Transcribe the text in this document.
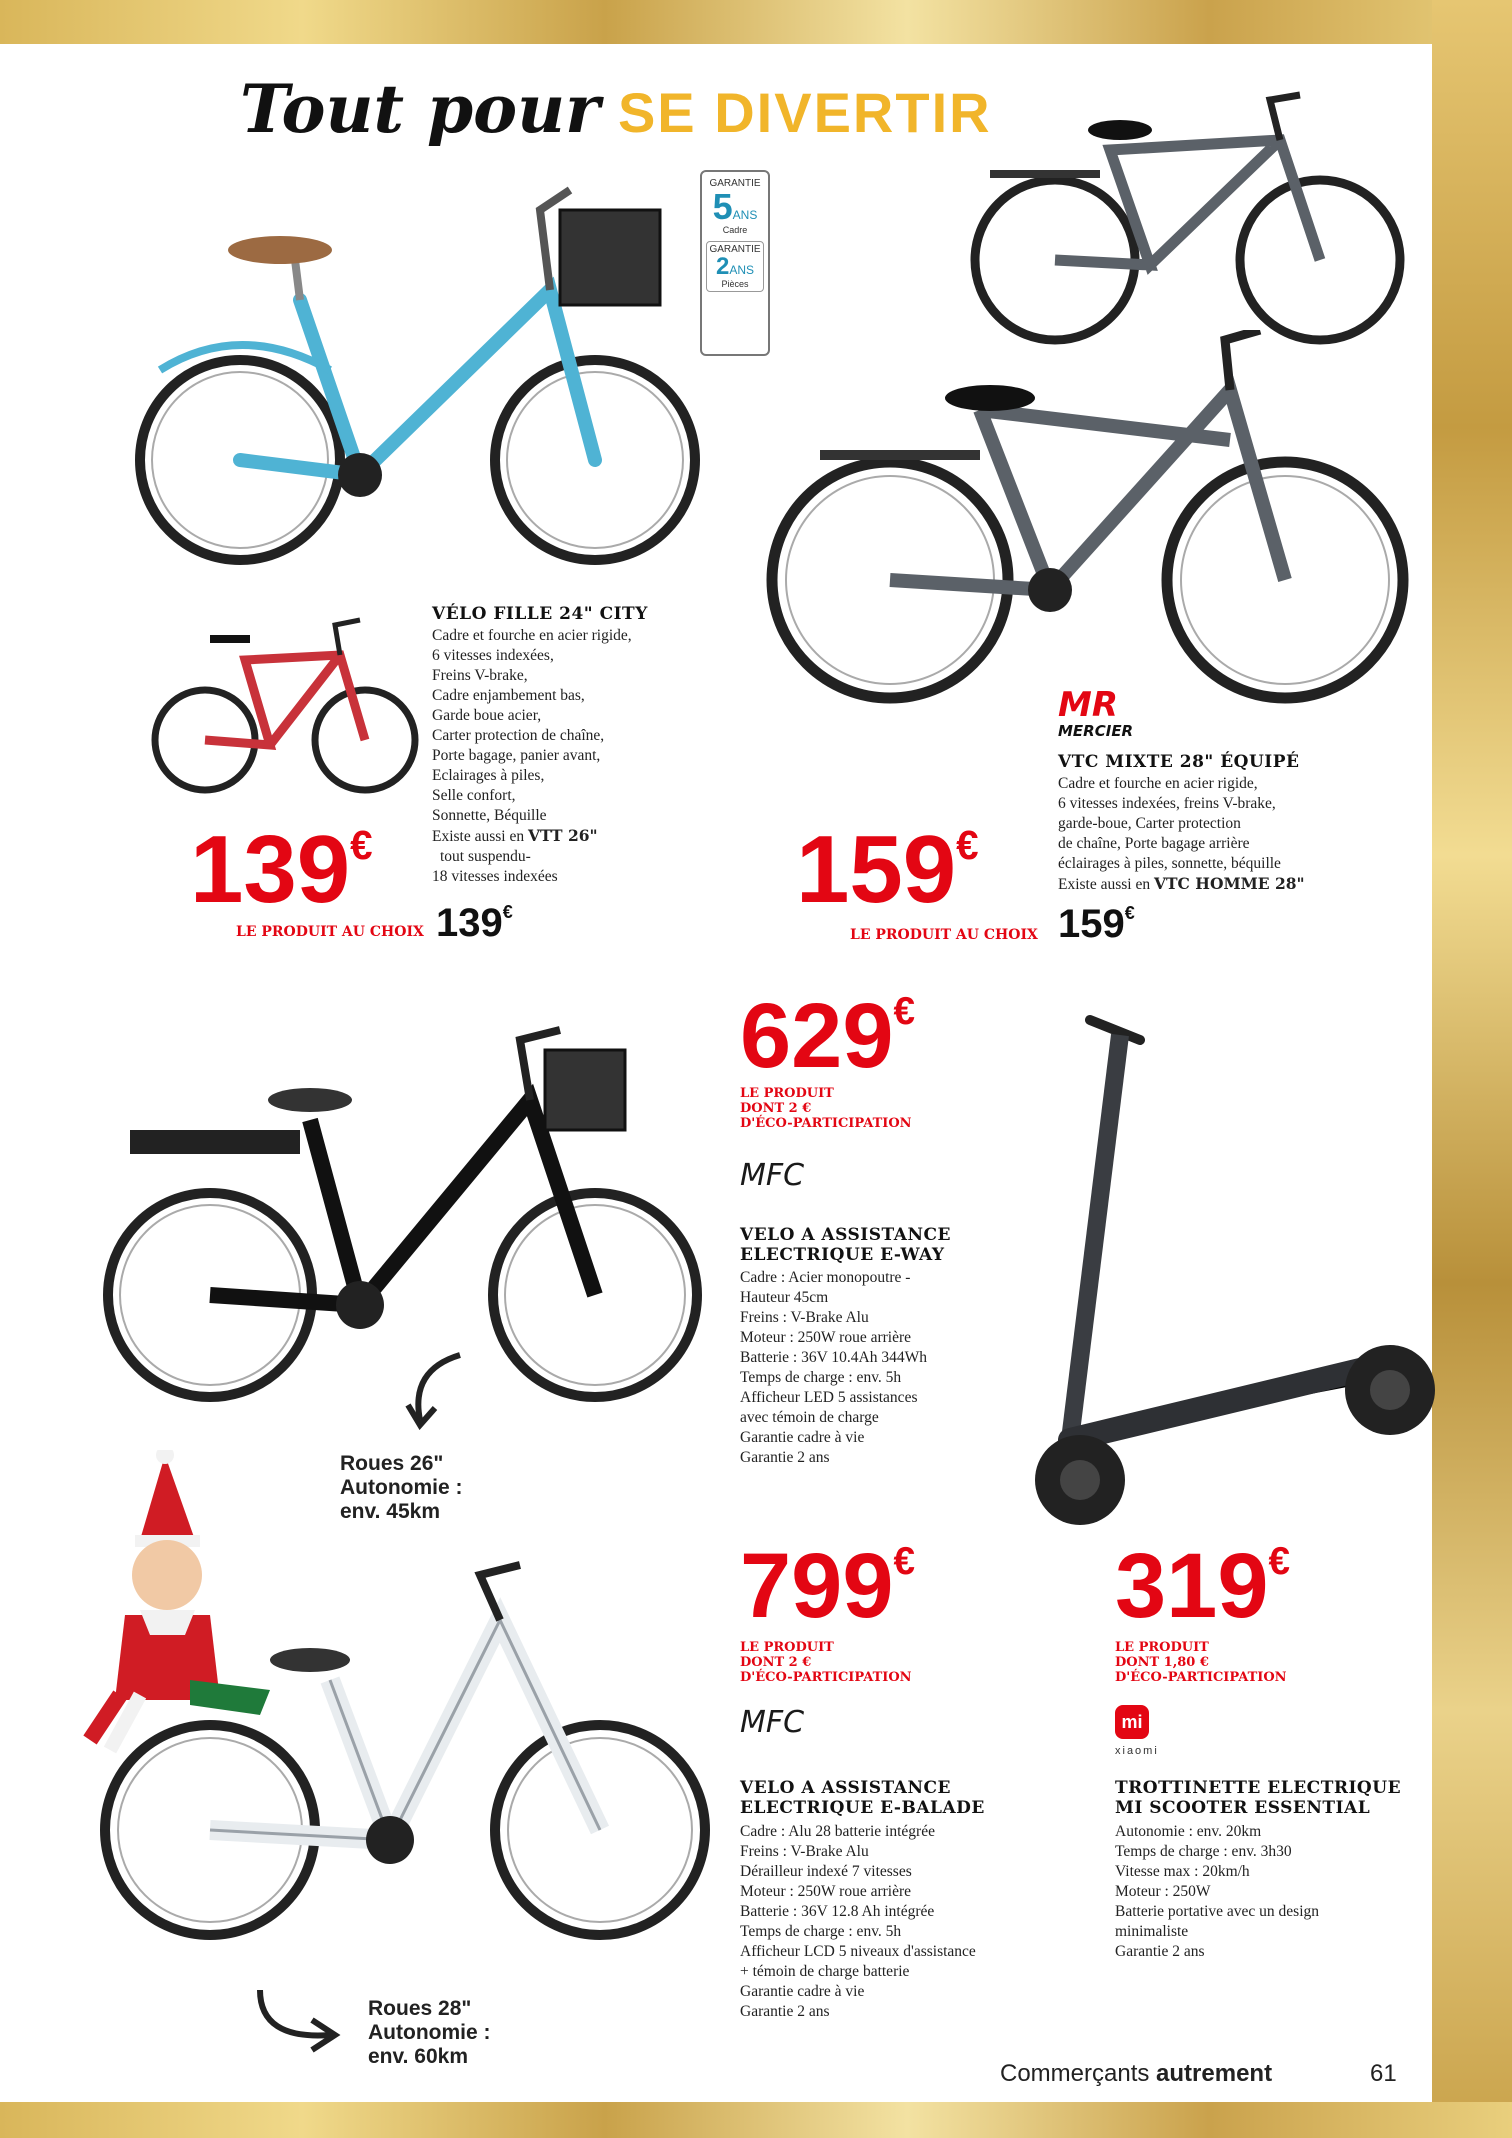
Tout pour SE DIVERTIR
GARANTIE
5ANS
Cadre
GARANTIE
2ANS
Pièces
VÉLO FILLE 24" CITY
Cadre et fourche en acier rigide,
6 vitesses indexées,
Freins V-brake,
Cadre enjambement bas,
Garde boue acier,
Carter protection de chaîne,
Porte bagage, panier avant,
Eclairages à piles,
Selle confort,
Sonnette, Béquille
Existe aussi en VTT 26"
tout suspendu-
18 vitesses indexées
139€
LE PRODUIT AU CHOIX 139€
MR
MERCIER
VTC MIXTE 28" ÉQUIPÉ
Cadre et fourche en acier rigide,
6 vitesses indexées, freins V-brake,
garde-boue, Carter protection
de chaîne, Porte bagage arrière
éclairages à piles, sonnette, béquille
Existe aussi en VTC HOMME 28"
159€
LE PRODUIT AU CHOIX 159€
Roues 26"
Autonomie :
env. 45km
629€
LE PRODUIT
DONT 2 €
D'ÉCO-PARTICIPATION
MFC
VELO A ASSISTANCE
ELECTRIQUE E-WAY
Cadre : Acier monopoutre -
Hauteur 45cm
Freins : V-Brake Alu
Moteur : 250W roue arrière
Batterie : 36V 10.4Ah 344Wh
Temps de charge : env. 5h
Afficheur LED 5 assistances
avec témoin de charge
Garantie cadre à vie
Garantie 2 ans
Roues 28"
Autonomie :
env. 60km
799€
LE PRODUIT
DONT 2 €
D'ÉCO-PARTICIPATION
MFC
VELO A ASSISTANCE
ELECTRIQUE E-BALADE
Cadre : Alu 28 batterie intégrée
Freins : V-Brake Alu
Dérailleur indexé 7 vitesses
Moteur : 250W roue arrière
Batterie : 36V 12.8 Ah intégrée
Temps de charge : env. 5h
Afficheur LCD 5 niveaux d'assistance
+ témoin de charge batterie
Garantie cadre à vie
Garantie 2 ans
319€
LE PRODUIT
DONT 1,80 €
D'ÉCO-PARTICIPATION
mi
xiaomi
TROTTINETTE ELECTRIQUE
MI SCOOTER ESSENTIAL
Autonomie : env. 20km
Temps de charge : env. 3h30
Vitesse max : 20km/h
Moteur : 250W
Batterie portative avec un design
minimaliste
Garantie 2 ans
Commerçants autrement	61
